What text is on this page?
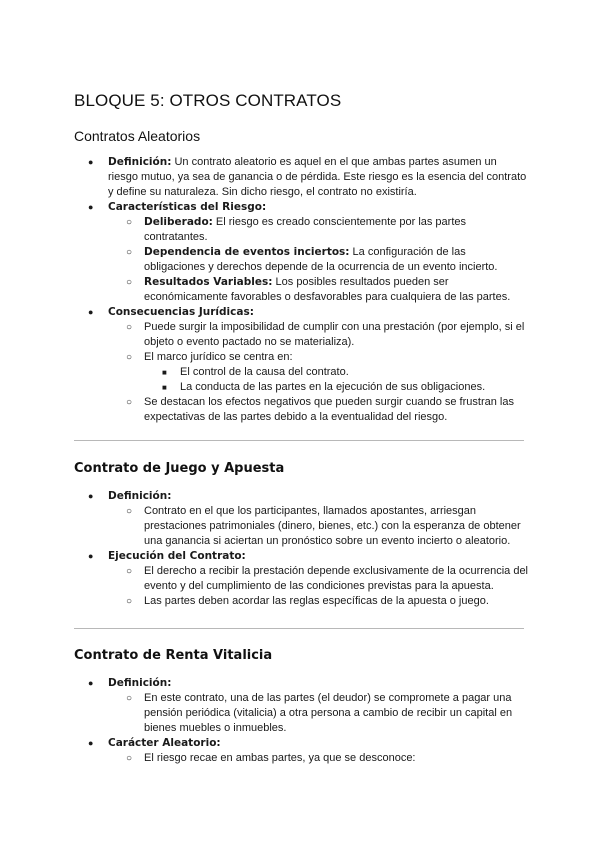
BLOQUE 5: OTROS CONTRATOS
Contratos Aleatorios
● Definición: Un contrato aleatorio es aquel en el que ambas partes asumen un riesgo mutuo, ya sea de ganancia o de pérdida. Este riesgo es la esencia del contrato y define su naturaleza. Sin dicho riesgo, el contrato no existiría.
● Características del Riesgo:
○ Deliberado: El riesgo es creado conscientemente por las partes contratantes.
○ Dependencia de eventos inciertos: La configuración de las obligaciones y derechos depende de la ocurrencia de un evento incierto.
○ Resultados Variables: Los posibles resultados pueden ser económicamente favorables o desfavorables para cualquiera de las partes.
● Consecuencias Jurídicas:
○ Puede surgir la imposibilidad de cumplir con una prestación (por ejemplo, si el objeto o evento pactado no se materializa).
○ El marco jurídico se centra en:
■ El control de la causa del contrato.
■ La conducta de las partes en la ejecución de sus obligaciones.
○ Se destacan los efectos negativos que pueden surgir cuando se frustran las expectativas de las partes debido a la eventualidad del riesgo.
Contrato de Juego y Apuesta
● Definición:
○ Contrato en el que los participantes, llamados apostantes, arriesgan prestaciones patrimoniales (dinero, bienes, etc.) con la esperanza de obtener una ganancia si aciertan un pronóstico sobre un evento incierto o aleatorio.
● Ejecución del Contrato:
○ El derecho a recibir la prestación depende exclusivamente de la ocurrencia del evento y del cumplimiento de las condiciones previstas para la apuesta.
○ Las partes deben acordar las reglas específicas de la apuesta o juego.
Contrato de Renta Vitalicia
● Definición:
○ En este contrato, una de las partes (el deudor) se compromete a pagar una pensión periódica (vitalicia) a otra persona a cambio de recibir un capital en bienes muebles o inmuebles.
● Carácter Aleatorio:
○ El riesgo recae en ambas partes, ya que se desconoce:
